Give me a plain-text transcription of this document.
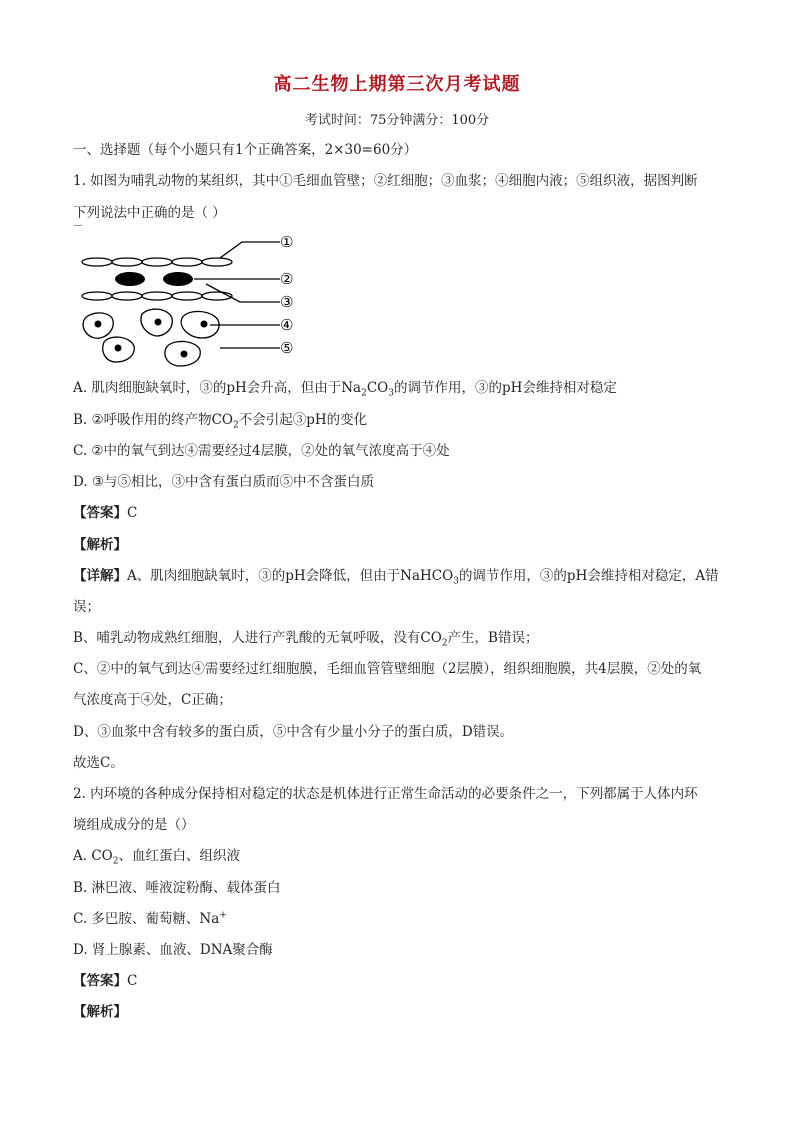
高二生物上期第三次月考试题
考试时间：75分钟满分：100分
一、选择题（每个小题只有1个正确答案，2×30=60分）
1. 如图为哺乳动物的某组织，其中①毛细血管壁；②红细胞；③血浆；④细胞内液；⑤组织液，据图判断
下列说法中正确的是（ ）
①
②
③
④
⑤
A. 肌肉细胞缺氧时，③的pH会升高，但由于$Na_2CO_3$的调节作用，③的pH会维持相对稳定
B. ②呼吸作用的终产物$CO_2$不会引起③pH的变化
C. ②中的氧气到达④需要经过4层膜，②处的氧气浓度高于④处
D. ③与⑤相比，③中含有蛋白质而⑤中不含蛋白质
【答案】C
【解析】
【详解】A、肌肉细胞缺氧时，③的pH会降低，但由于NaHCO$_3$的调节作用，③的pH会维持相对稳定，A错
误；
B、哺乳动物成熟红细胞，人进行产乳酸的无氧呼吸，没有$CO_2$产生，B错误；
C、②中的氧气到达④需要经过红细胞膜，毛细血管管壁细胞（2层膜），组织细胞膜，共4层膜，②处的氧
气浓度高于④处，C正确；
D、③血浆中含有较多的蛋白质，⑤中含有少量小分子的蛋白质，D错误。
故选C。
2. 内环境的各种成分保持相对稳定的状态是机体进行正常生命活动的必要条件之一，下列都属于人体内环
境组成成分的是（）
A. $CO_2$、血红蛋白、组织液
B. 淋巴液、唾液淀粉酶、载体蛋白
C. 多巴胺、葡萄糖、Na+
D. 肾上腺素、血液、DNA聚合酶
【答案】C
【解析】
